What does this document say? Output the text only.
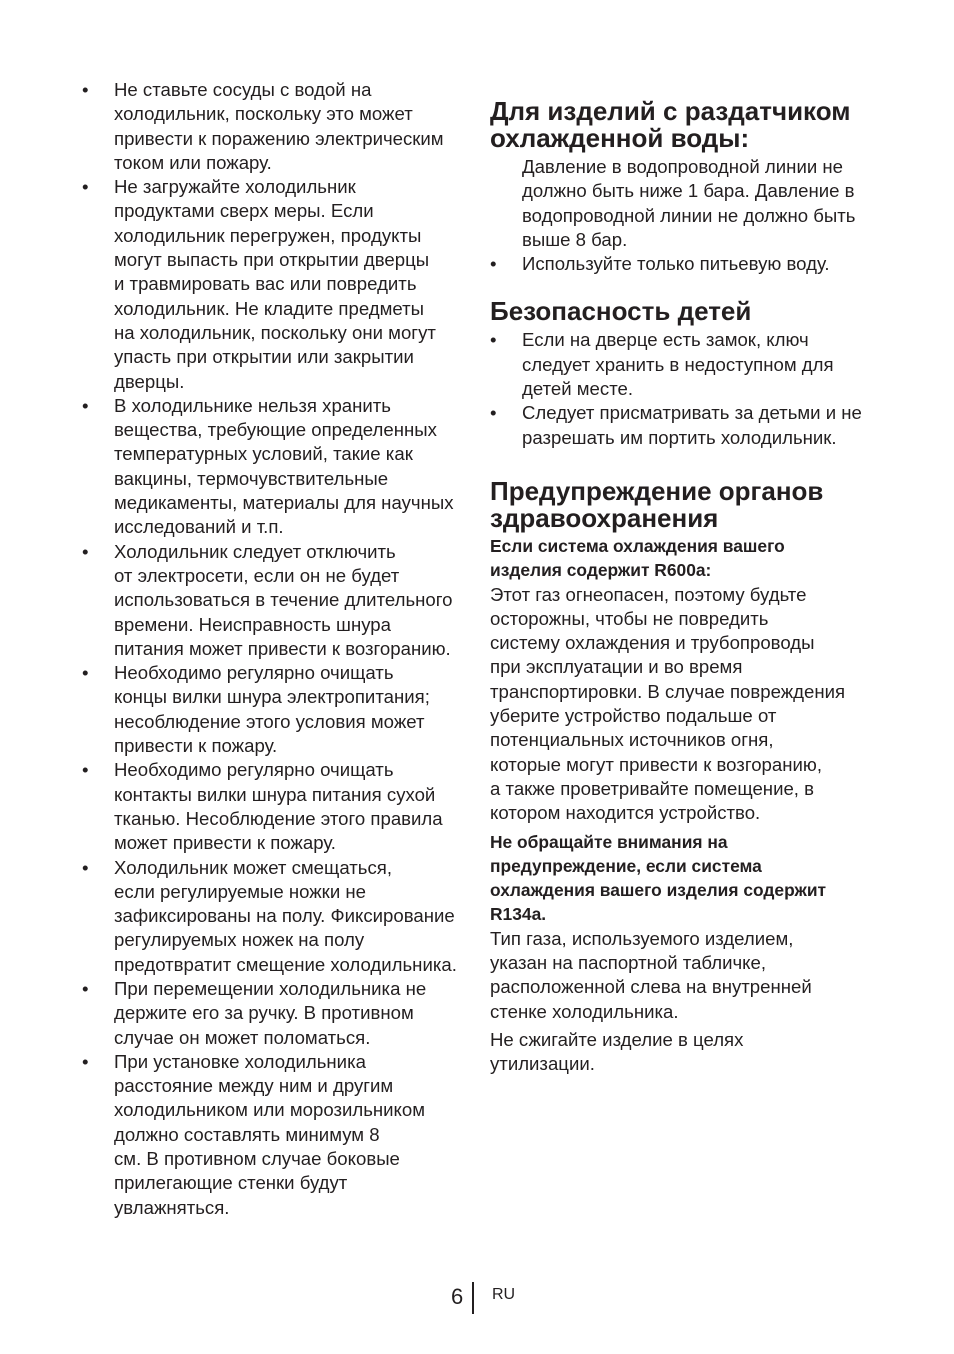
• Не ставьте сосуды с водой на
холодильник, поскольку это может
привести к поражению электрическим
током или пожару.
• Не загружайте холодильник
продуктами сверх меры. Если
холодильник перегружен, продукты
могут выпасть при открытии дверцы
и травмировать вас или повредить
холодильник. Не кладите предметы
на холодильник, поскольку они могут
упасть при открытии или закрытии
дверцы.
• В холодильнике нельзя хранить
вещества, требующие определенных
температурных условий, такие как
вакцины, термочувствительные
медикаменты, материалы для научных
исследований и т.п.
• Холодильник следует отключить
от электросети, если он не будет
использоваться в течение длительного
времени. Неисправность шнура
питания может привести к возгоранию.
• Необходимо регулярно очищать
концы вилки шнура электропитания;
несоблюдение этого условия может
привести к пожару.
• Необходимо регулярно очищать
контакты вилки шнура питания сухой
тканью. Несоблюдение этого правила
может привести к пожару.
• Холодильник может смещаться,
если регулируемые ножки не
зафиксированы на полу. Фиксирование
регулируемых ножек на полу
предотвратит смещение холодильника.
• При перемещении холодильника не
держите его за ручку. В противном
случае он может поломаться.
• При установке холодильника
расстояние между ним и другим
холодильником или морозильником
должно составлять минимум 8
см. В противном случае боковые
прилегающие стенки будут
увлажняться.
Для изделий с раздатчиком
охлажденной воды:

Давление в водопроводной линии не
должно быть ниже 1 бара. Давление в
водопроводной линии не должно быть
выше 8 бар.

• Используйте только питьевую воду.
Безопасность детей
• Если на дверце есть замок, ключ
следует хранить в недоступном для
детей месте.
• Следует присматривать за детьми и не
разрешать им портить холодильник.
Предупреждение органов
здравоохранения

Если система охлаждения вашего
изделия содержит R600a:

Этот газ огнеопасен, поэтому будьте
осторожны, чтобы не повредить
систему охлаждения и трубопроводы
при эксплуатации и во время
транспортировки. В случае повреждения
уберите устройство подальше от
потенциальных источников огня,
которые могут привести к возгоранию,
а также проветривайте помещение, в
котором находится устройство.

Не обращайте внимания на
предупреждение, если система
охлаждения вашего изделия содержит
R134a.

Тип газа, используемого изделием,
указан на паспортной табличке,
расположенной слева на внутренней
стенке холодильника.

Не сжигайте изделие в целях
утилизации.

6 RU
